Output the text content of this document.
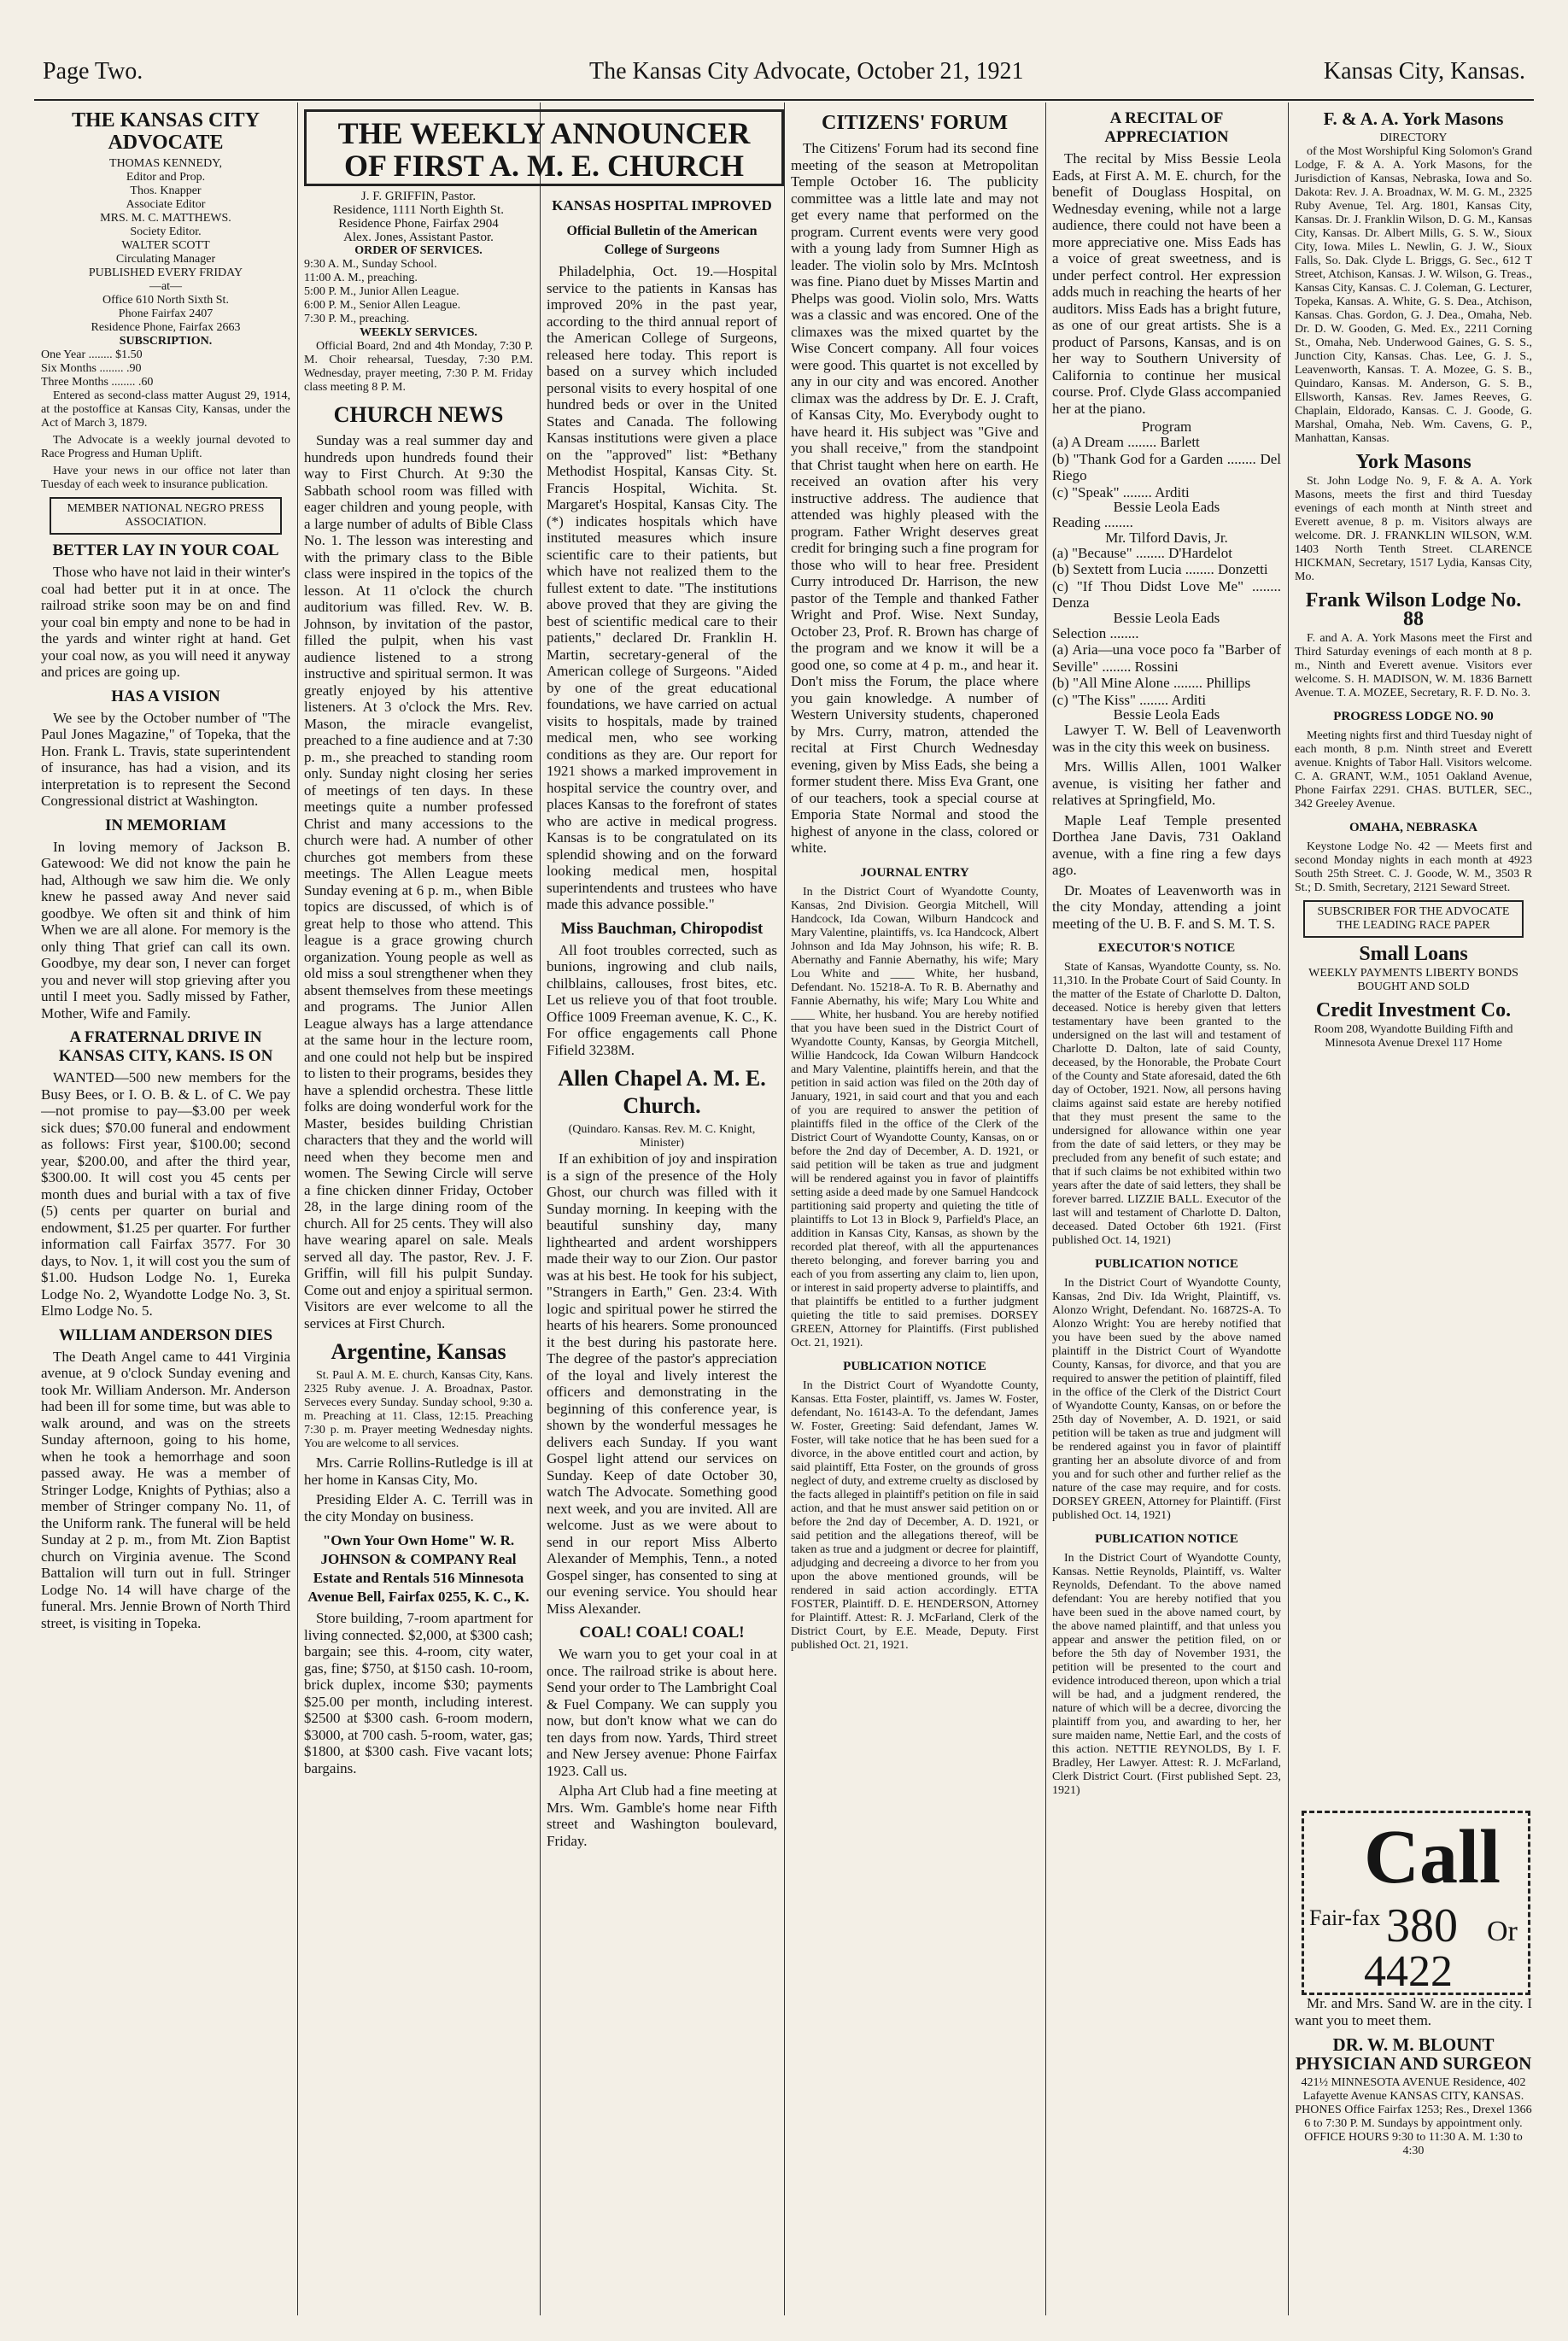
Page Two.	The Kansas City Advocate, October 21, 1921	Kansas City, Kansas.
THE KANSAS CITY ADVOCATE
THOMAS KENNEDY,
Editor and Prop.
Thos. Knapper
Associate Editor
MRS. M. C. MATTHEWS.
Society Editor.
WALTER SCOTT
Circulating Manager
PUBLISHED EVERY FRIDAY
—at—
Office 610 North Sixth St.
Phone Fairfax 2407
Residence Phone, Fairfax 2663
SUBSCRIPTION.
One Year ........ $1.50
Six Months ........ .90
Three Months ........ .60

Entered as second-class matter August 29, 1914, at the postoffice at Kansas City, Kansas, under the Act of March 3, 1879.

The Advocate is a weekly journal devoted to Race Progress and Human Uplift.

Have your news in our office not later than Tuesday of each week to insurance publication.

MEMBER NATIONAL NEGRO PRESS ASSOCIATION.
BETTER LAY IN YOUR COAL

Those who have not laid in their winter's coal had better put it in at once. The railroad strike soon may be on and find your coal bin empty and none to be had in the yards and winter right at hand. Get your coal now, as you will need it anyway and prices are going up.

HAS A VISION

We see by the October number of "The Paul Jones Magazine," of Topeka, that the Hon. Frank L. Travis, state superintendent of insurance, has had a vision, and its interpretation is to represent the Second Congressional district at Washington.

IN MEMORIAM

In loving memory of Jackson B. Gatewood: We did not know the pain he had, Although we saw him die. We only knew he passed away And never said goodbye. We often sit and think of him When we are all alone. For memory is the only thing That grief can call its own. Goodbye, my dear son, I never can forget you and never will stop grieving after you until I meet you. Sadly missed by Father, Mother, Wife and Family.

A FRATERNAL DRIVE IN KANSAS CITY, KANS. IS ON

WANTED—500 new members for the Busy Bees, or I. O. B. & L. of C. We pay—not promise to pay—$3.00 per week sick dues; $70.00 funeral and endowment as follows: First year, $100.00; second year, $200.00, and after the third year, $300.00. It will cost you 45 cents per month dues and burial with a tax of five (5) cents per quarter on burial and endowment, $1.25 per quarter. For further information call Fairfax 3577. For 30 days, to Nov. 1, it will cost you the sum of $1.00. Hudson Lodge No. 1, Eureka Lodge No. 2, Wyandotte Lodge No. 3, St. Elmo Lodge No. 5.

WILLIAM ANDERSON DIES

The Death Angel came to 441 Virginia avenue, at 9 o'clock Sunday evening and took Mr. William Anderson. Mr. Anderson had been ill for some time, but was able to walk around, and was on the streets Sunday afternoon, going to his home, when he took a hemorrhage and soon passed away. He was a member of Stringer Lodge, Knights of Pythias; also a member of Stringer company No. 11, of the Uniform rank. The funeral will be held Sunday at 2 p. m., from Mt. Zion Baptist church on Virginia avenue. The Scond Battalion will turn out in full. Stringer Lodge No. 14 will have charge of the funeral. Mrs. Jennie Brown of North Third street, is visiting in Topeka.

THE WEEKLY ANNOUNCER OF FIRST A. M. E. CHURCH
J. F. GRIFFIN, Pastor.
Residence, 1111 North Eighth St.
Residence Phone, Fairfax 2904
Alex. Jones, Assistant Pastor.
ORDER OF SERVICES.
9:30 A. M., Sunday School.
11:00 A. M., preaching.
5:00 P. M., Junior Allen League.
6:00 P. M., Senior Allen League.
7:30 P. M., preaching.
WEEKLY SERVICES.

Official Board, 2nd and 4th Monday, 7:30 P. M. Choir rehearsal, Tuesday, 7:30 P.M. Wednesday, prayer meeting, 7:30 P. M. Friday class meeting 8 P. M.

CHURCH NEWS

Sunday was a real summer day and hundreds upon hundreds found their way to First Church. At 9:30 the Sabbath school room was filled with eager children and young people, with a large number of adults of Bible Class No. 1. The lesson was interesting and with the primary class to the Bible class were inspired in the topics of the lesson. At 11 o'clock the church auditorium was filled. Rev. W. B. Johnson, by invitation of the pastor, filled the pulpit, when his vast audience listened to a strong instructive and spiritual sermon. It was greatly enjoyed by his attentive listeners. At 3 o'clock the Mrs. Rev. Mason, the miracle evangelist, preached to a fine audience and at 7:30 p. m., she preached to standing room only. Sunday night closing her series of meetings of ten days. In these meetings quite a number professed Christ and many accessions to the church were had. A number of other churches got members from these meetings. The Allen League meets Sunday evening at 6 p. m., when Bible topics are discussed, of which is of great help to those who attend. This league is a grace growing church organization. Young people as well as old miss a soul strengthener when they absent themselves from these meetings and programs. The Junior Allen League always has a large attendance at the same hour in the lecture room, and one could not help but be inspired to listen to their programs, besides they have a splendid orchestra. These little folks are doing wonderful work for the Master, besides building Christian characters that they and the world will need when they become men and women. The Sewing Circle will serve a fine chicken dinner Friday, October 28, in the large dining room of the church. All for 25 cents. They will also have wearing aparel on sale. Meals served all day. The pastor, Rev. J. F. Griffin, will fill his pulpit Sunday. Come out and enjoy a spiritual sermon. Visitors are ever welcome to all the services at First Church.

Argentine, Kansas

St. Paul A. M. E. church, Kansas City, Kans. 2325 Ruby avenue. J. A. Broadnax, Pastor. Serveces every Sunday. Sunday school, 9:30 a. m. Preaching at 11. Class, 12:15. Preaching 7:30 p. m. Prayer meeting Wednesday nights. You are welcome to all services.

Mrs. Carrie Rollins-Rutledge is ill at her home in Kansas City, Mo.

Presiding Elder A. C. Terrill was in the city Monday on business.

"Own Your Own Home" W. R. JOHNSON & COMPANY Real Estate and Rentals 516 Minnesota Avenue Bell, Fairfax 0255, K. C., K.

Store building, 7-room apartment for living connected. $2,000, at $300 cash; bargain; see this. 4-room, city water, gas, fine; $750, at $150 cash. 10-room, brick duplex, income $30; payments $25.00 per month, including interest. $2500 at $300 cash. 6-room modern, $3000, at 700 cash. 5-room, water, gas; $1800, at $300 cash. Five vacant lots; bargains.

KANSAS HOSPITAL IMPROVED
Official Bulletin of the American College of Surgeons

Philadelphia, Oct. 19.—Hospital service to the patients in Kansas has improved 20% in the past year, according to the third annual report of the American College of Surgeons, released here today. This report is based on a survey which included personal visits to every hospital of one hundred beds or over in the United States and Canada. The following Kansas institutions were given a place on the "approved" list: *Bethany Methodist Hospital, Kansas City. St. Francis Hospital, Wichita. St. Margaret's Hospital, Kansas City. The (*) indicates hospitals which have instituted measures which insure scientific care to their patients, but which have not realized them to the fullest extent to date. "The institutions above proved that they are giving the best of scientific medical care to their patients," declared Dr. Franklin H. Martin, secretary-general of the American college of Surgeons. "Aided by one of the great educational foundations, we have carried on actual visits to hospitals, made by trained medical men, who see working conditions as they are. Our report for 1921 shows a marked improvement in hospital service the country over, and places Kansas to the forefront of states who are active in medical progress. Kansas is to be congratulated on its splendid showing and on the forward looking medical men, hospital superintendents and trustees who have made this advance possible."

Miss Bauchman, Chiropodist

All foot troubles corrected, such as bunions, ingrowing and club nails, chilblains, callouses, frost bites, etc. Let us relieve you of that foot trouble. Office 1009 Freeman avenue, K. C., K. For office engagements call Phone Fifield 3238M.

Allen Chapel A. M. E. Church.
(Quindaro. Kansas. Rev. M. C. Knight, Minister)

If an exhibition of joy and inspiration is a sign of the presence of the Holy Ghost, our church was filled with it Sunday morning. In keeping with the beautiful sunshiny day, many lighthearted and ardent worshippers made their way to our Zion. Our pastor was at his best. He took for his subject, "Strangers in Earth," Gen. 23:4. With logic and spiritual power he stirred the hearts of his hearers. Some pronounced it the best during his pastorate here. The degree of the pastor's appreciation of the loyal and lively interest the officers and demonstrating in the beginning of this conference year, is shown by the wonderful messages he delivers each Sunday. If you want Gospel light attend our services on Sunday. Keep of date October 30, watch The Advocate. Something good next week, and you are invited. All are welcome. Just as we were about to send in our report Miss Alberto Alexander of Memphis, Tenn., a noted Gospel singer, has consented to sing at our evening service. You should hear Miss Alexander.

COAL! COAL! COAL!

We warn you to get your coal in at once. The railroad strike is about here. Send your order to The Lambright Coal & Fuel Company. We can supply you now, but don't know what we can do ten days from now. Yards, Third street and New Jersey avenue: Phone Fairfax 1923. Call us.

Alpha Art Club had a fine meeting at Mrs. Wm. Gamble's home near Fifth street and Washington boulevard, Friday.

CITIZENS' FORUM

The Citizens' Forum had its second fine meeting of the season at Metropolitan Temple October 16. The publicity committee was a little late and may not get every name that performed on the program. Current events were very good with a young lady from Sumner High as leader. The violin solo by Mrs. McIntosh was fine. Piano duet by Misses Martin and Phelps was good. Violin solo, Mrs. Watts was a classic and was encored. One of the climaxes was the mixed quartet by the Wise Concert company. All four voices were good. This quartet is not excelled by any in our city and was encored. Another climax was the address by Dr. E. J. Craft, of Kansas City, Mo. Everybody ought to have heard it. His subject was "Give and you shall receive," from the standpoint that Christ taught when here on earth. He received an ovation after his very instructive address. The audience that attended was highly pleased with the program. Father Wright deserves great credit for bringing such a fine program for those who will to hear free. President Curry introduced Dr. Harrison, the new pastor of the Temple and thanked Father Wright and Prof. Wise. Next Sunday, October 23, Prof. R. Brown has charge of the program and we know it will be a good one, so come at 4 p. m., and hear it. Don't miss the Forum, the place where you gain knowledge. A number of Western University students, chaperoned by Mrs. Curry, matron, attended the recital at First Church Wednesday evening, given by Miss Eads, she being a former student there. Miss Eva Grant, one of our teachers, took a special course at Emporia State Normal and stood the highest of anyone in the class, colored or white.

JOURNAL ENTRY

In the District Court of Wyandotte County, Kansas, 2nd Division. Georgia Mitchell, Will Handcock, Ida Cowan, Wilburn Handcock and Mary Valentine, plaintiffs, vs. Ica Handcock, Albert Johnson and Ida May Johnson, his wife; R. B. Abernathy and Fannie Abernathy, his wife; Mary Lou White and ____ White, her husband, Defendant. No. 15218-A. To R. B. Abernathy and Fannie Abernathy, his wife; Mary Lou White and ____ White, her husband. You are hereby notified that you have been sued in the District Court of Wyandotte County, Kansas, by Georgia Mitchell, Willie Handcock, Ida Cowan Wilburn Handcock and Mary Valentine, plaintiffs herein, and that the petition in said action was filed on the 20th day of January, 1921, in said court and that you and each of you are required to answer the petition of plaintiffs filed in the office of the Clerk of the District Court of Wyandotte County, Kansas, on or before the 2nd day of December, A. D. 1921, or said petition will be taken as true and judgment will be rendered against you in favor of plaintiffs setting aside a deed made by one Samuel Handcock partitioning said property and quieting the title of plaintiffs to Lot 13 in Block 9, Parfield's Place, an addition in Kansas City, Kansas, as shown by the recorded plat thereof, with all the appurtenances thereto belonging, and forever barring you and each of you from asserting any claim to, lien upon, or interest in said property adverse to plaintiffs, and that plaintiffs be entitled to a further judgment quieting the title to said premises. DORSEY GREEN, Attorney for Plaintiffs. (First published Oct. 21, 1921).

PUBLICATION NOTICE

In the District Court of Wyandotte County, Kansas. Etta Foster, plaintiff, vs. James W. Foster, defendant, No. 16143-A. To the defendant, James W. Foster, Greeting: Said defendant, James W. Foster, will take notice that he has been sued for a divorce, in the above entitled court and action, by said plaintiff, Etta Foster, on the grounds of gross neglect of duty, and extreme cruelty as disclosed by the facts alleged in plaintiff's petition on file in said action, and that he must answer said petition on or before the 2nd day of December, A. D. 1921, or said petition and the allegations thereof, will be taken as true and a judgment or decree for plaintiff, adjudging and decreeing a divorce to her from you upon the above mentioned grounds, will be rendered in said action accordingly. ETTA FOSTER, Plaintiff. D. E. HENDERSON, Attorney for Plaintiff. Attest: R. J. McFarland, Clerk of the District Court, by E.E. Meade, Deputy. First published Oct. 21, 1921.

A RECITAL OF APPRECIATION

The recital by Miss Bessie Leola Eads, at First A. M. E. church, for the benefit of Douglass Hospital, on Wednesday evening, while not a large audience, there could not have been a more appreciative one. Miss Eads has a voice of great sweetness, and is under perfect control. Her expression adds much in reaching the hearts of her auditors. Miss Eads has a bright future, as one of our great artists. She is a product of Parsons, Kansas, and is on her way to Southern University of California to continue her musical course. Prof. Clyde Glass accompanied her at the piano.

Program
(a) A Dream ........ Barlett
(b) "Thank God for a Garden ........ Del Riego
(c) "Speak" ........ Arditi
Bessie Leola Eads
Reading ........
Mr. Tilford Davis, Jr.
(a) "Because" ........ D'Hardelot
(b) Sextett from Lucia ........ Donzetti
(c) "If Thou Didst Love Me" ........ Denza
Bessie Leola Eads
Selection ........
(a) Aria—una voce poco fa "Barber of Seville" ........ Rossini
(b) "All Mine Alone ........ Phillips
(c) "The Kiss" ........ Arditi
Bessie Leola Eads

Lawyer T. W. Bell of Leavenworth was in the city this week on business.

Mrs. Willis Allen, 1001 Walker avenue, is visiting her father and relatives at Springfield, Mo.

Maple Leaf Temple presented Dorthea Jane Davis, 731 Oakland avenue, with a fine ring a few days ago.

Dr. Moates of Leavenworth was in the city Monday, attending a joint meeting of the U. B. F. and S. M. T. S.

EXECUTOR'S NOTICE

State of Kansas, Wyandotte County, ss. No. 11,310. In the Probate Court of Said County. In the matter of the Estate of Charlotte D. Dalton, deceased. Notice is hereby given that letters testamentary have been granted to the undersigned on the last will and testament of Charlotte D. Dalton, late of said County, deceased, by the Honorable, the Probate Court of the County and State aforesaid, dated the 6th day of October, 1921. Now, all persons having claims against said estate are hereby notified that they must present the same to the undersigned for allowance within one year from the date of said letters, or they may be precluded from any benefit of such estate; and that if such claims be not exhibited within two years after the date of said letters, they shall be forever barred. LIZZIE BALL. Executor of the last will and testament of Charlotte D. Dalton, deceased. Dated October 6th 1921. (First published Oct. 14, 1921)

PUBLICATION NOTICE

In the District Court of Wyandotte County, Kansas, 2nd Div. Ida Wright, Plaintiff, vs. Alonzo Wright, Defendant. No. 16872S-A. To Alonzo Wright: You are hereby notified that you have been sued by the above named plaintiff in the District Court of Wyandotte County, Kansas, for divorce, and that you are required to answer the petition of plaintiff, filed in the office of the Clerk of the District Court of Wyandotte County, Kansas, on or before the 25th day of November, A. D. 1921, or said petition will be taken as true and judgment will be rendered against you in favor of plaintiff granting her an absolute divorce of and from you and for such other and further relief as the nature of the case may require, and for costs. DORSEY GREEN, Attorney for Plaintiff. (First published Oct. 14, 1921)

PUBLICATION NOTICE

In the District Court of Wyandotte County, Kansas. Nettie Reynolds, Plaintiff, vs. Walter Reynolds, Defendant. To the above named defendant: You are hereby notified that you have been sued in the above named court, by the above named plaintiff, and that unless you appear and answer the petition filed, on or before the 5th day of November 1931, the petition will be presented to the court and evidence introduced thereon, upon which a trial will be had, and a judgment rendered, the nature of which will be a decree, divorcing the plaintiff from you, and awarding to her, her sure maiden name, Nettie Earl, and the costs of this action. NETTIE REYNOLDS, By I. F. Bradley, Her Lawyer. Attest: R. J. McFarland, Clerk District Court. (First published Sept. 23, 1921)

F. & A. A. York Masons
DIRECTORY

of the Most Worshipful King Solomon's Grand Lodge, F. & A. A. York Masons, for the Jurisdiction of Kansas, Nebraska, Iowa and So. Dakota: Rev. J. A. Broadnax, W. M. G. M., 2325 Ruby Avenue, Tel. Arg. 1801, Kansas City, Kansas. Dr. J. Franklin Wilson, D. G. M., Kansas City, Kansas. Dr. Albert Mills, G. S. W., Sioux City, Iowa. Miles L. Newlin, G. J. W., Sioux Falls, So. Dak. Clyde L. Briggs, G. Sec., 612 T Street, Atchison, Kansas. J. W. Wilson, G. Treas., Kansas City, Kansas. C. J. Coleman, G. Lecturer, Topeka, Kansas. A. White, G. S. Dea., Atchison, Kansas. Chas. Gordon, G. J. Dea., Omaha, Neb. Dr. D. W. Gooden, G. Med. Ex., 2211 Corning St., Omaha, Neb. Underwood Gaines, G. S. S., Junction City, Kansas. Chas. Lee, G. J. S., Leavenworth, Kansas. T. A. Mozee, G. S. B., Quindaro, Kansas. M. Anderson, G. S. B., Ellsworth, Kansas. Rev. James Reeves, G. Chaplain, Eldorado, Kansas. C. J. Goode, G. Marshal, Omaha, Neb. Wm. Cavens, G. P., Manhattan, Kansas.

York Masons

St. John Lodge No. 9, F. & A. A. York Masons, meets the first and third Tuesday evenings of each month at Ninth street and Everett avenue, 8 p. m. Visitors always are welcome. DR. J. FRANKLIN WILSON, W.M. 1403 North Tenth Street. CLARENCE HICKMAN, Secretary, 1517 Lydia, Kansas City, Mo.

Frank Wilson Lodge No. 88

F. and A. A. York Masons meet the First and Third Saturday evenings of each month at 8 p. m., Ninth and Everett avenue. Visitors ever welcome. S. H. MADISON, W. M. 1836 Barnett Avenue. T. A. MOZEE, Secretary, R. F. D. No. 3.

PROGRESS LODGE NO. 90

Meeting nights first and third Tuesday night of each month, 8 p.m. Ninth street and Everett avenue. Knights of Tabor Hall. Visitors welcome. C. A. GRANT, W.M., 1051 Oakland Avenue, Phone Fairfax 2291. CHAS. BUTLER, SEC., 342 Greeley Avenue.

OMAHA, NEBRASKA

Keystone Lodge No. 42 — Meets first and second Monday nights in each month at 4923 South 25th Street. C. J. Goode, W. M., 3503 R St.; D. Smith, Secretary, 2121 Seward Street.

SUBSCRIBER FOR THE ADVOCATE THE LEADING RACE PAPER
Small Loans
WEEKLY PAYMENTS LIBERTY BONDS BOUGHT AND SOLD
Credit Investment Co.
Room 208, Wyandotte Building Fifth and Minnesota Avenue Drexel 117 Home
Call
Fair-fax 380 Or
4422

Mr. and Mrs. Sand W. are in the city. I want you to meet them.

DR. W. M. BLOUNT PHYSICIAN AND SURGEON
421½ MINNESOTA AVENUE Residence, 402 Lafayette Avenue KANSAS CITY, KANSAS. PHONES Office Fairfax 1253; Res., Drexel 1366 6 to 7:30 P. M. Sundays by appointment only. OFFICE HOURS 9:30 to 11:30 A. M. 1:30 to 4:30
